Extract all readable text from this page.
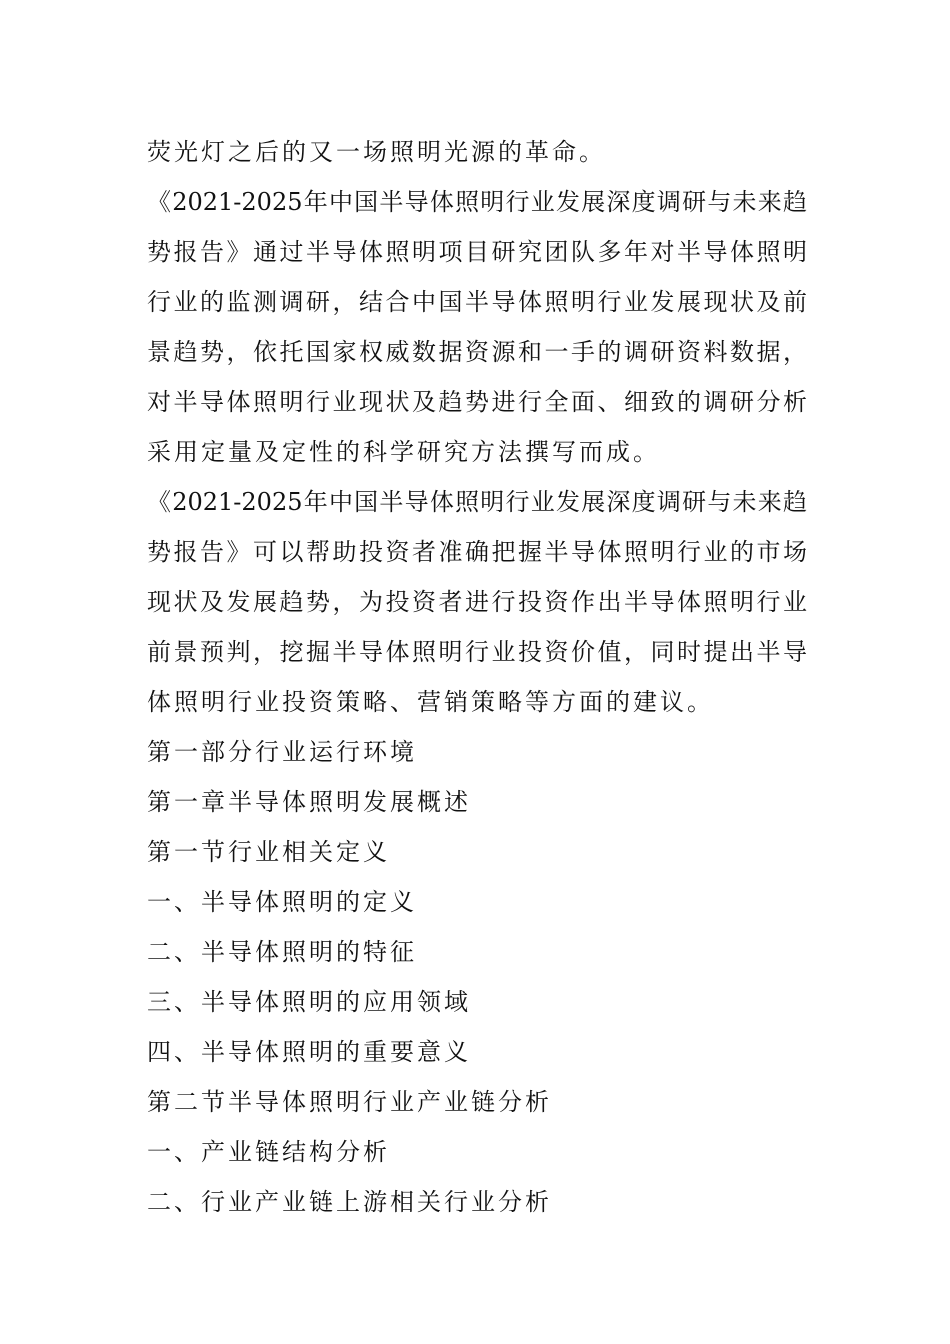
荧光灯之后的又一场照明光源的革命。
《2021-2025年中国半导体照明行业发展深度调研与未来趋
势报告》通过半导体照明项目研究团队多年对半导体照明
行业的监测调研，结合中国半导体照明行业发展现状及前
景趋势，依托国家权威数据资源和一手的调研资料数据，
对半导体照明行业现状及趋势进行全面、细致的调研分析
采用定量及定性的科学研究方法撰写而成。
《2021-2025年中国半导体照明行业发展深度调研与未来趋
势报告》可以帮助投资者准确把握半导体照明行业的市场
现状及发展趋势，为投资者进行投资作出半导体照明行业
前景预判，挖掘半导体照明行业投资价值，同时提出半导
体照明行业投资策略、营销策略等方面的建议。
第一部分行业运行环境
第一章半导体照明发展概述
第一节行业相关定义
一、半导体照明的定义
二、半导体照明的特征
三、半导体照明的应用领域
四、半导体照明的重要意义
第二节半导体照明行业产业链分析
一、产业链结构分析
二、行业产业链上游相关行业分析
